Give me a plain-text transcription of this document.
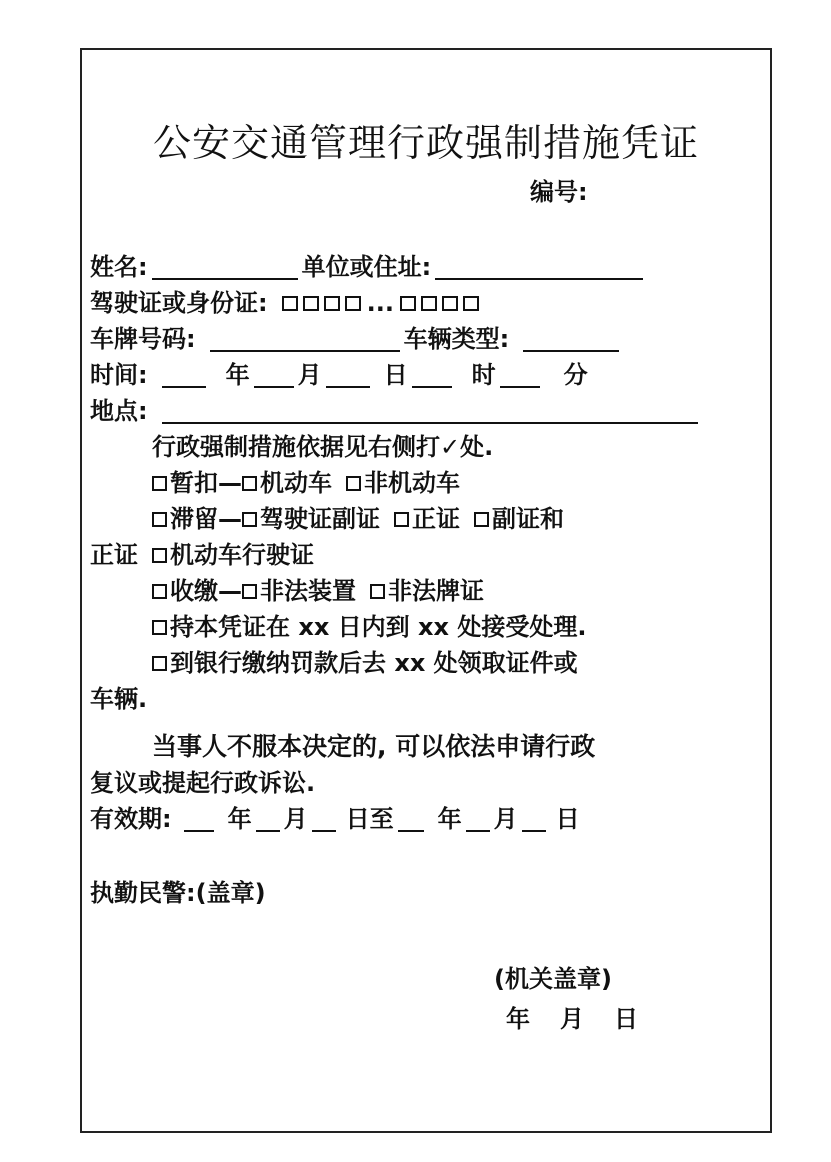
公安交通管理行政强制措施凭证
编号:
姓名:	单位或住址:
驾驶证或身份证:	...
车牌号码:	车辆类型:
时间:	年 月	日	时	分
地点:
行政强制措施依据见右侧打✓处.
暂扣— 机动车 非机动车
滞留— 驾驶证副证 正证 副证和
正证 机动车行驶证
收缴— 非法装置 非法牌证
持本凭证在 xx 日内到 xx 处接受处理.
到银行缴纳罚款后去 xx 处领取证件或
车辆.
当事人不服本决定的, 可以依法申请行政
复议或提起行政诉讼.
有效期: 年 月 日 至 年 月 日
执勤民警: (盖章)
(机关盖章)
年 月 日
